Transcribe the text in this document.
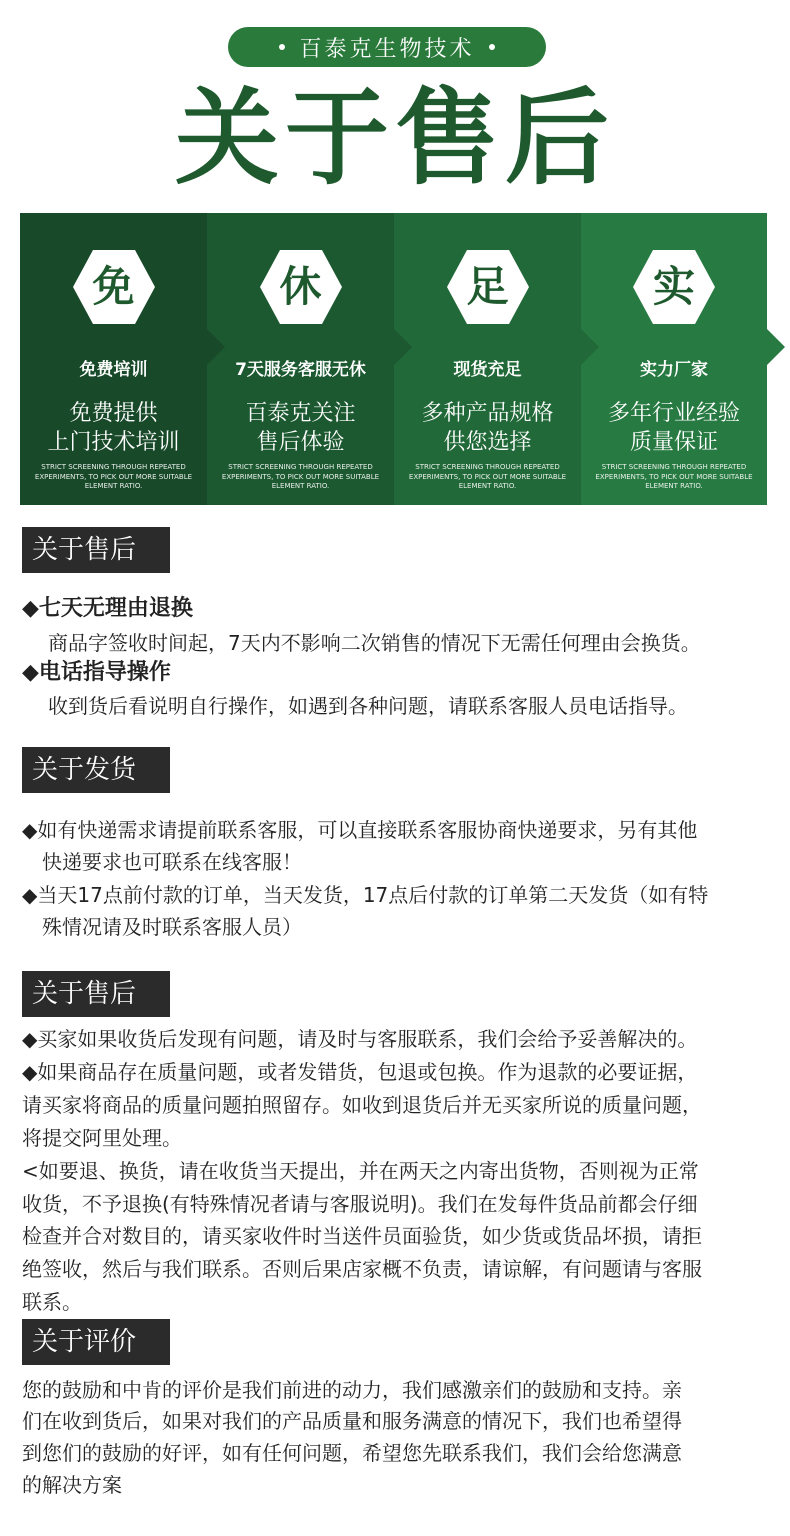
百泰克生物技术
关于售后
免
免费培训
免费提供
上门技术培训
STRICT SCREENING THROUGH REPEATED EXPERIMENTS, TO PICK OUT MORE SUITABLE ELEMENT RATIO.
休
7天服务客服无休
百泰克关注
售后体验
STRICT SCREENING THROUGH REPEATED EXPERIMENTS, TO PICK OUT MORE SUITABLE ELEMENT RATIO.
足
现货充足
多种产品规格
供您选择
STRICT SCREENING THROUGH REPEATED EXPERIMENTS, TO PICK OUT MORE SUITABLE ELEMENT RATIO.
实
实力厂家
多年行业经验
质量保证
STRICT SCREENING THROUGH REPEATED EXPERIMENTS, TO PICK OUT MORE SUITABLE ELEMENT RATIO.
关于售后
◆七天无理由退换
商品字签收时间起，7天内不影响二次销售的情况下无需任何理由会换货。
◆电话指导操作
收到货后看说明自行操作，如遇到各种问题，请联系客服人员电话指导。
关于发货
◆如有快递需求请提前联系客服，可以直接联系客服协商快递要求，另有其他
快递要求也可联系在线客服！
◆当天17点前付款的订单，当天发货，17点后付款的订单第二天发货（如有特
殊情况请及时联系客服人员）
关于售后
◆买家如果收货后发现有问题，请及时与客服联系，我们会给予妥善解决的。
◆如果商品存在质量问题，或者发错货，包退或包换。作为退款的必要证据，
请买家将商品的质量问题拍照留存。如收到退货后并无买家所说的质量问题，
将提交阿里处理。
<如要退、换货，请在收货当天提出，并在两天之内寄出货物，否则视为正常
收货，不予退换(有特殊情况者请与客服说明)。我们在发每件货品前都会仔细
检查并合对数目的，请买家收件时当送件员面验货，如少货或货品坏损，请拒
绝签收，然后与我们联系。否则后果店家概不负责，请谅解，有问题请与客服
联系。
关于评价
您的鼓励和中肯的评价是我们前进的动力，我们感激亲们的鼓励和支持。亲
们在收到货后，如果对我们的产品质量和服务满意的情况下，我们也希望得
到您们的鼓励的好评，如有任何问题，希望您先联系我们，我们会给您满意
的解决方案
